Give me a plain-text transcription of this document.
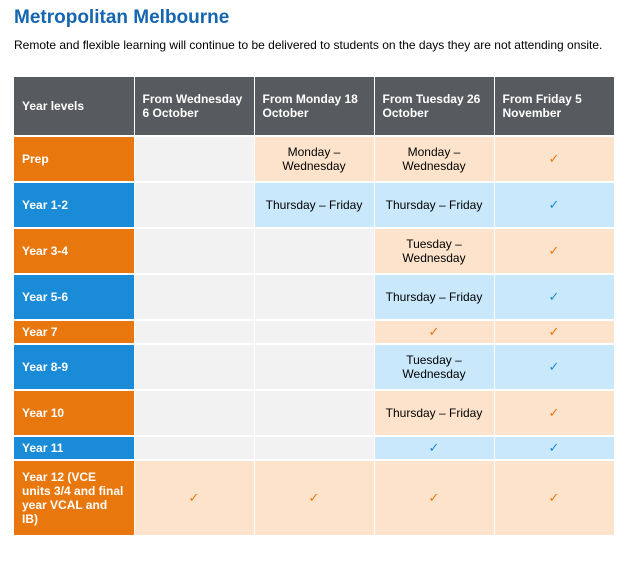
Metropolitan Melbourne

Remote and flexible learning will continue to be delivered to students on the days they are not attending onsite.

Year levels	From Wednesday 6 October	From Monday 18 October	From Tuesday 26 October	From Friday 5 November
Prep		Monday – Wednesday	Monday – Wednesday	✓
Year 1-2		Thursday – Friday	Thursday – Friday	✓
Year 3-4			Tuesday – Wednesday	✓
Year 5-6			Thursday – Friday	✓
Year 7			✓	✓
Year 8-9			Tuesday – Wednesday	✓
Year 10			Thursday – Friday	✓
Year 11			✓	✓
Year 12 (VCE units 3/4 and final year VCAL and IB)	✓	✓	✓	✓
